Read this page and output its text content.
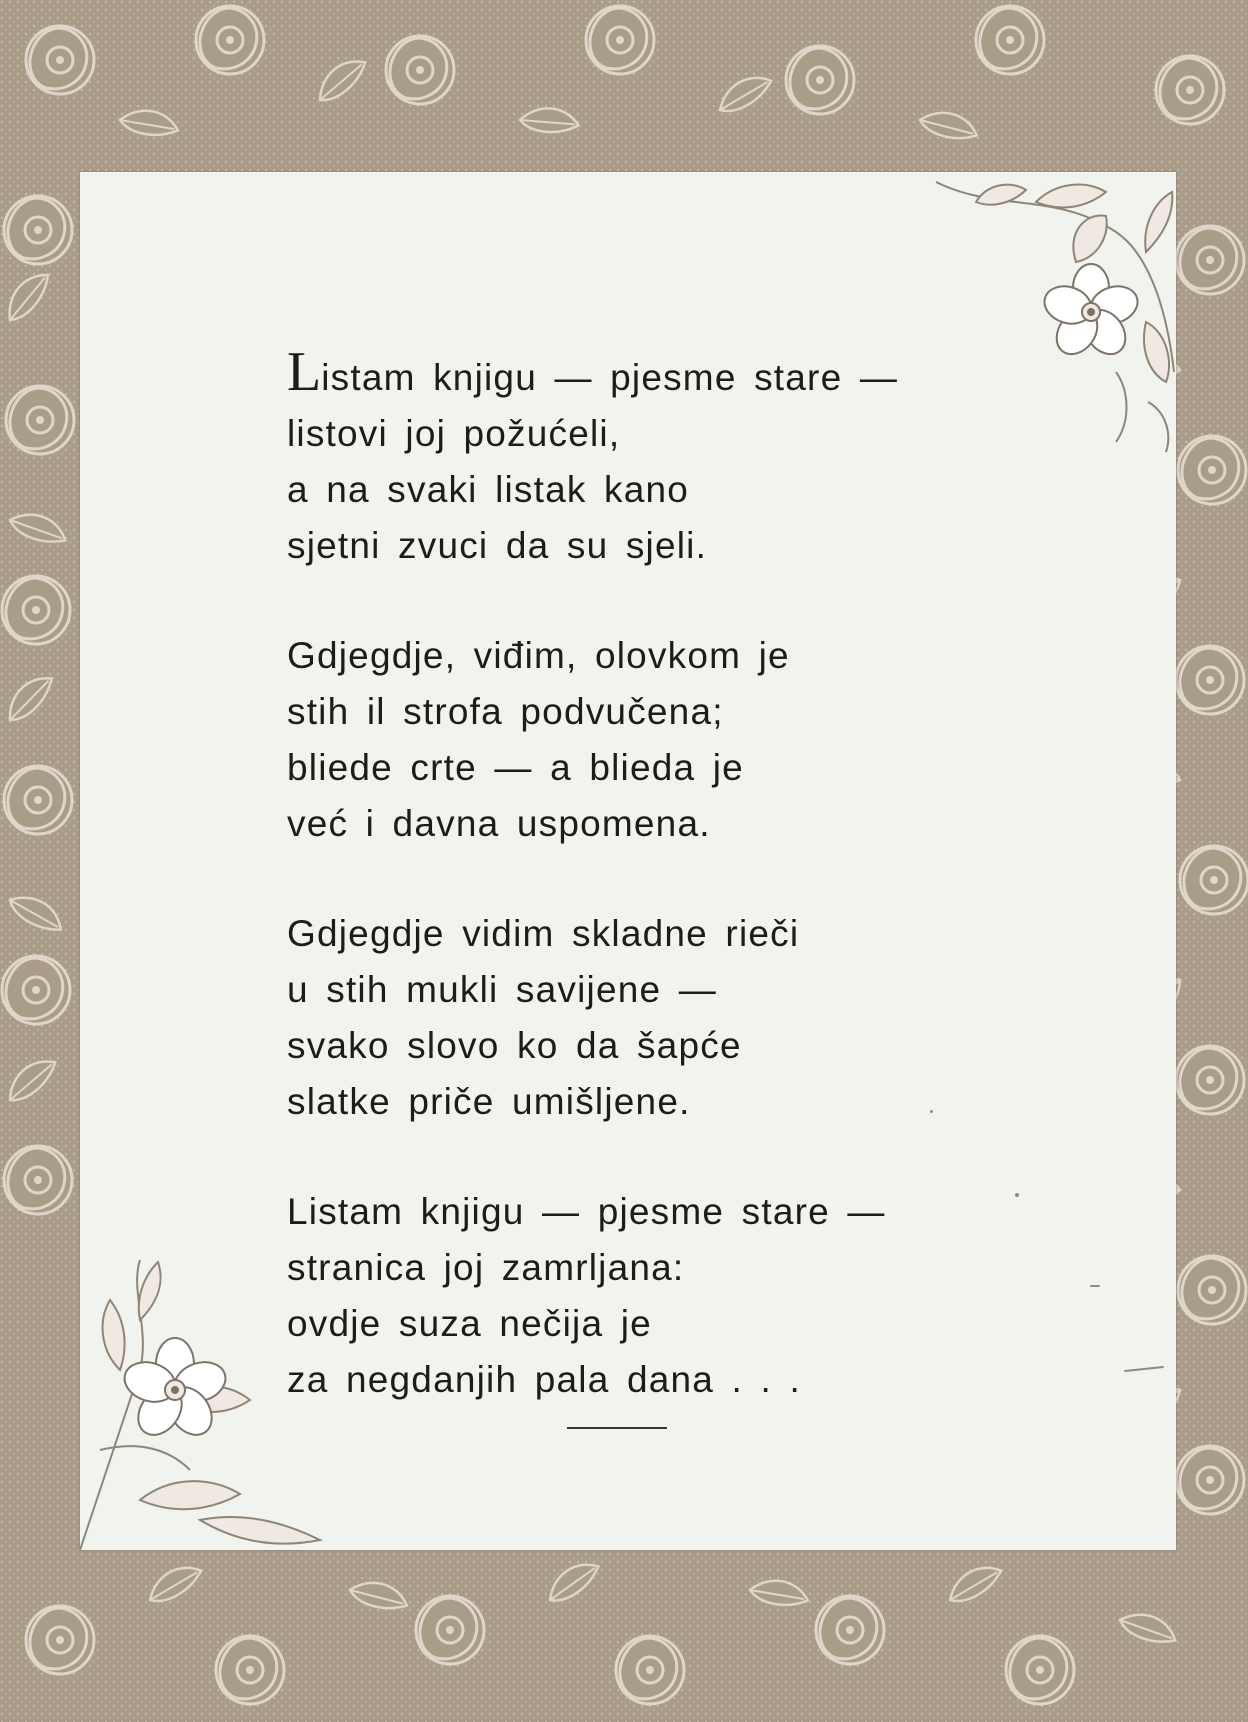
Listam knjigu — pjesme stare —
listovi joj požućeli,
a na svaki listak kano
sjetni zvuci da su sjeli.
Gdjegdje, viđim, olovkom je
stih il strofa podvučena;
bliede crte — a blieda je
već i davna uspomena.
Gdjegdje vidim skladne rieči
u stih mukli savijene —
svako slovo ko da šapće
slatke priče umišljene.
Listam knjigu — pjesme stare —
stranica joj zamrljana:
ovdje suza nečija je
za negdanjih pala dana . . .
